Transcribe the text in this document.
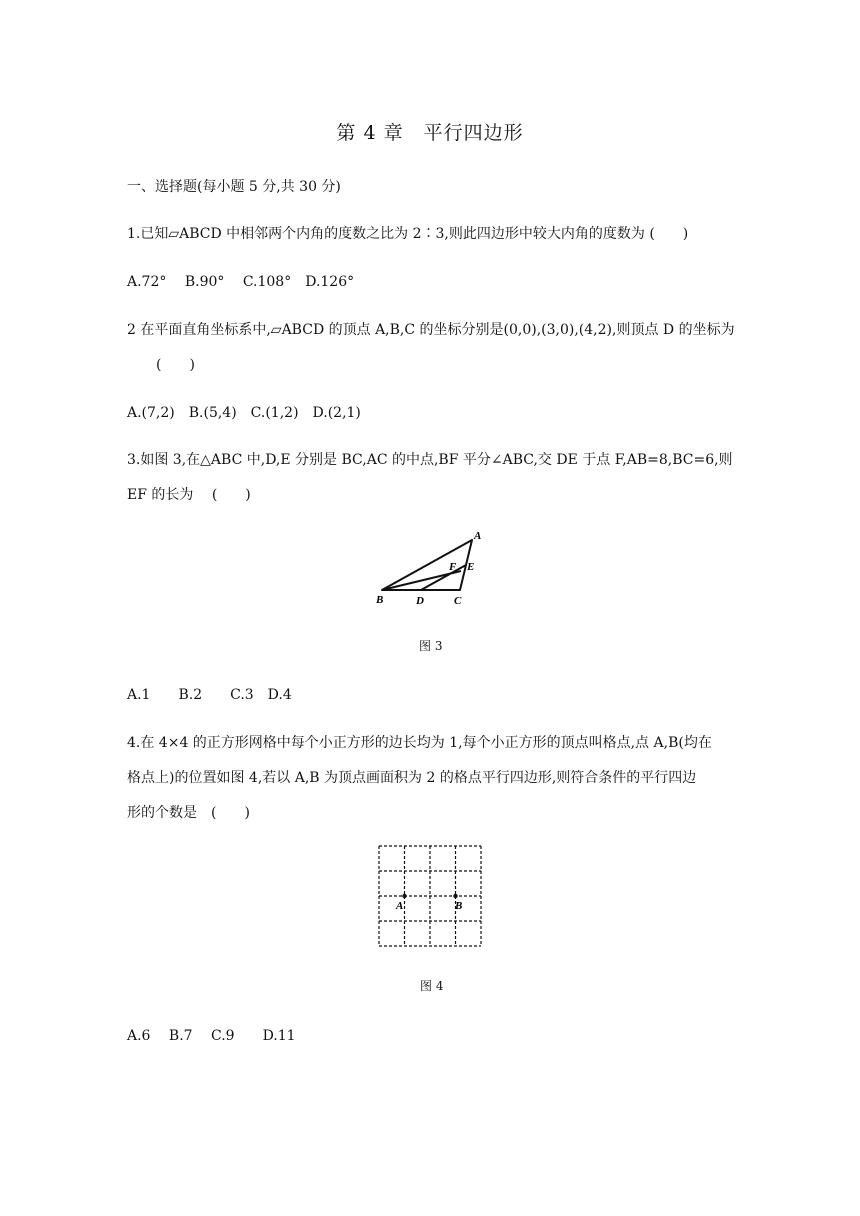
第 4 章　平行四边形
一、选择题(每小题 5 分,共 30 分)
1.已知▱ABCD 中相邻两个内角的度数之比为 2∶3,则此四边形中较大内角的度数为 (　　)
A.72°　 B.90°　 C.108°　D.126°
2 在平面直角坐标系中,▱ABCD 的顶点 A,B,C 的坐标分别是(0,0),(3,0),(4,2),则顶点 D 的坐标为
(　　)
A.(7,2)　B.(5,4)　C.(1,2)　D.(2,1)
3.如图 3,在△ABC 中,D,E 分别是 BC,AC 的中点,BF 平分∠ABC,交 DE 于点 F,AB=8,BC=6,则
EF 的长为　 (　　)
A
B	C
D
E
F
图 3
A.1　　B.2　　C.3　D.4
4.在 4×4 的正方形网格中每个小正方形的边长均为 1,每个小正方形的顶点叫格点,点 A,B(均在
格点上)的位置如图 4,若以 A,B 为顶点画面积为 2 的格点平行四边形,则符合条件的平行四边
形的个数是　(　　)
A	B
图 4
A.6　 B.7　 C.9　　D.11
